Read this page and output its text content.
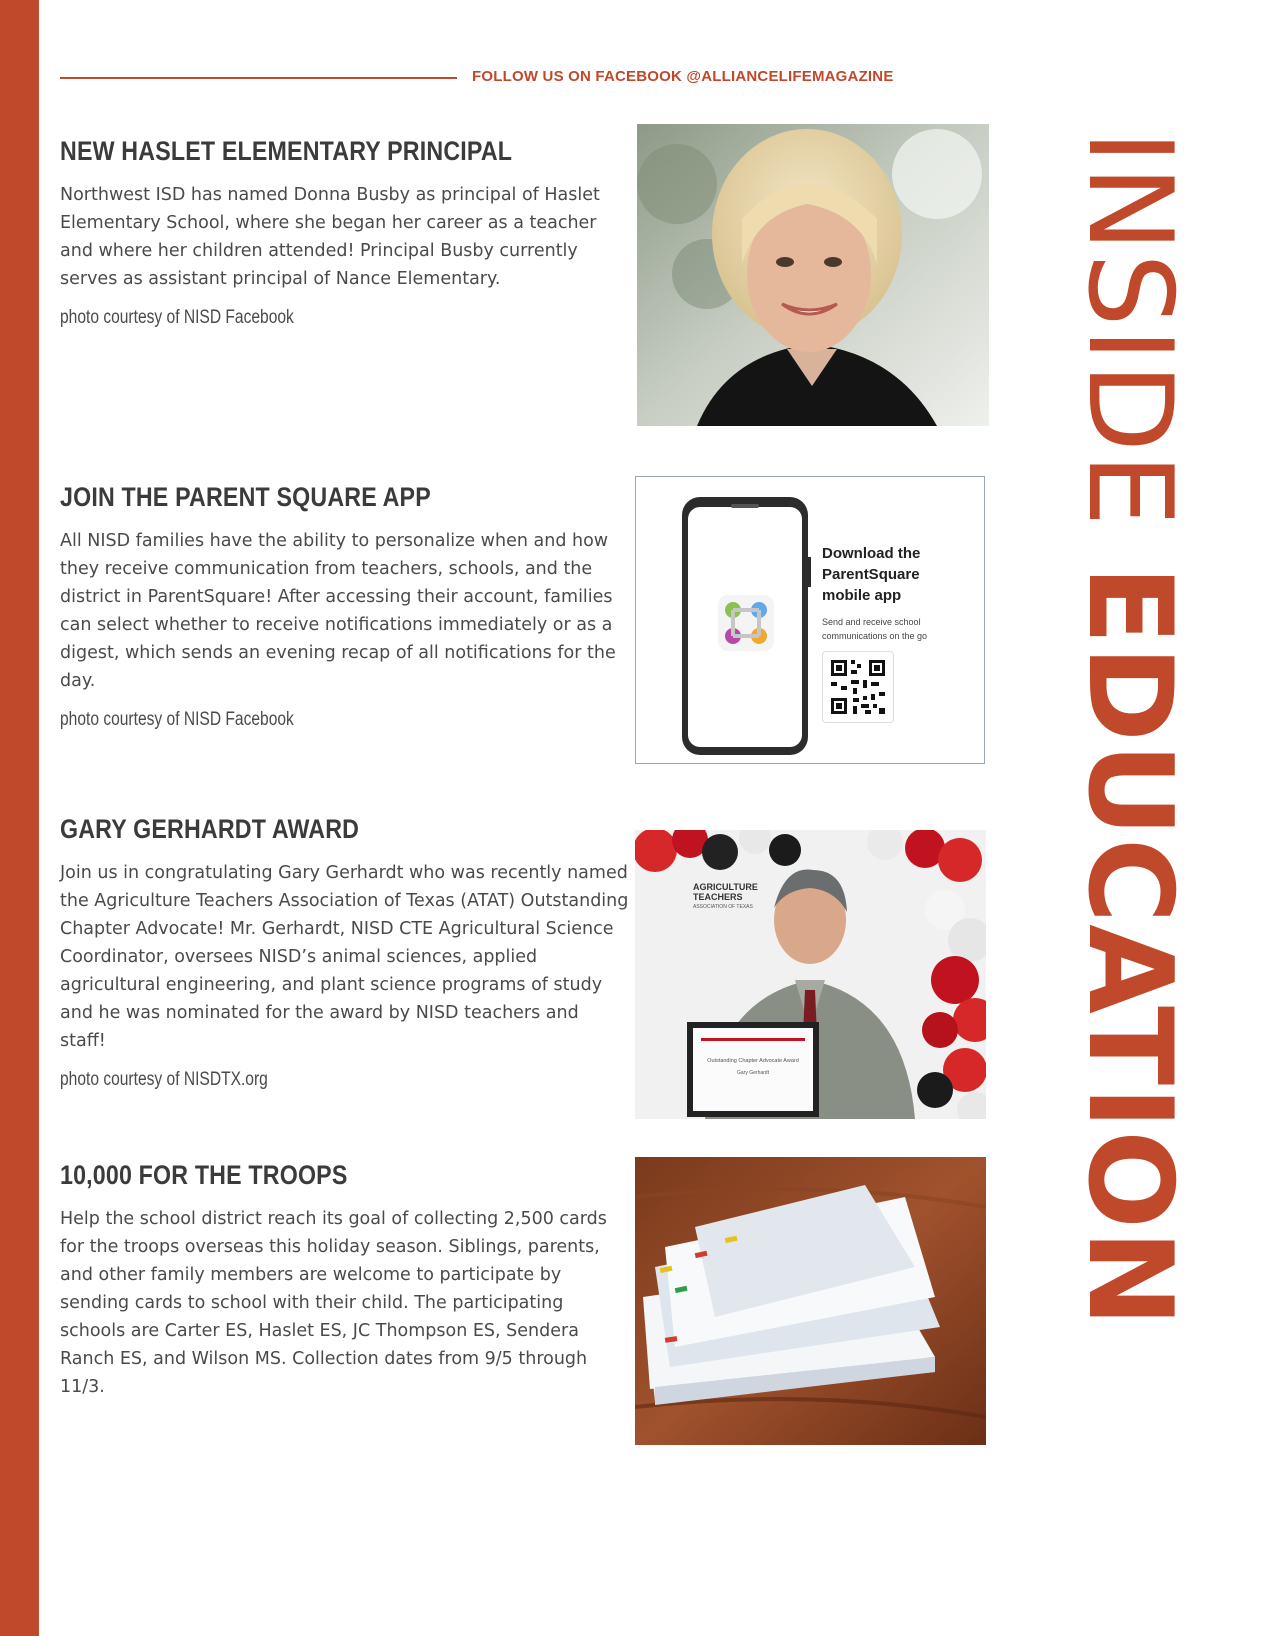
FOLLOW US ON FACEBOOK @ALLIANCELIFEMAGAZINE
NEW HASLET ELEMENTARY PRINCIPAL

Northwest ISD has named Donna Busby as principal of Haslet Elementary School, where she began her career as a teacher and where her children attended! Principal Busby currently serves as assistant principal of Nance Elementary.

photo courtesy of NISD Facebook

JOIN THE PARENT SQUARE APP

All NISD families have the ability to personalize when and how they receive communication from teachers, schools, and the district in ParentSquare! After accessing their account, families can select whether to receive notifications immediately or as a digest, which sends an evening recap of all notifications for the day.

photo courtesy of NISD Facebook

Download the ParentSquare mobile app
Send and receive school communications on the go
GARY GERHARDT AWARD

Join us in congratulating Gary Gerhardt who was recently named the Agriculture Teachers Association of Texas (ATAT) Outstanding Chapter Advocate! Mr. Gerhardt, NISD CTE Agricultural Science Coordinator, oversees NISD’s animal sciences, applied agricultural engineering, and plant science programs of study and he was nominated for the award by NISD teachers and staff!

photo courtesy of NISDTX.org

AGRICULTURE TEACHERS
ASSOCIATION OF TEXAS
Outstanding Chapter Advocate Award
Gary Gerhardt
10,000 FOR THE TROOPS

Help the school district reach its goal of collecting 2,500 cards for the troops overseas this holiday season. Siblings, parents, and other family members are welcome to participate by sending cards to school with their child. The participating schools are Carter ES, Haslet ES, JC Thompson ES, Sendera Ranch ES, and Wilson MS. Collection dates from 9/5 through 11/3.

INSIDE EDUCATION
